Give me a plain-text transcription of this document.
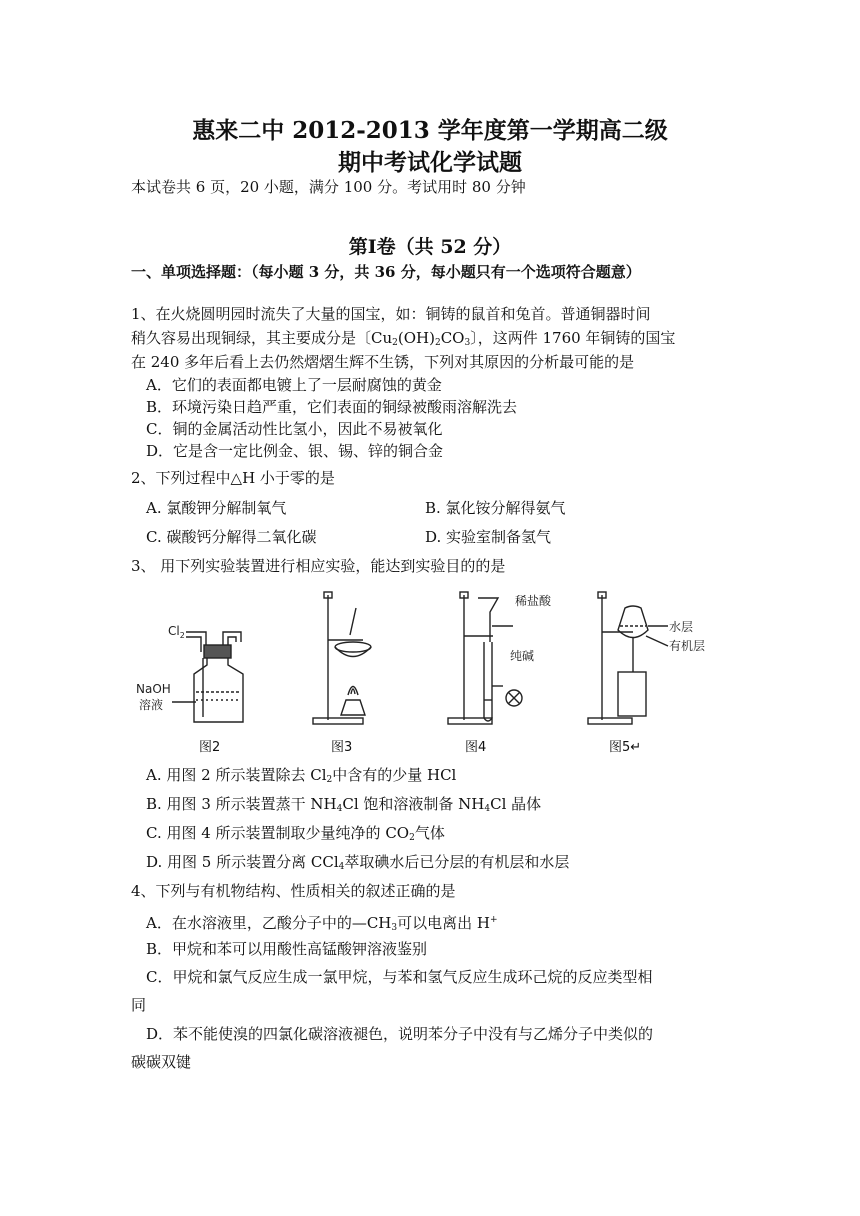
惠来二中 2012-2013 学年度第一学期高二级
期中考试化学试题
本试卷共 6 页，20 小题，满分 100 分。考试用时 80 分钟
第Ⅰ卷（共 52 分）
一、单项选择题：（每小题 3 分，共 36 分，每小题只有一个选项符合题意）
1、在火烧圆明园时流失了大量的国宝，如：铜铸的鼠首和兔首。普通铜器时间
稍久容易出现铜绿，其主要成分是〔$Cu_2(OH)_2CO_3$〕，这两件 1760 年铜铸的国宝
在 240 多年后看上去仍然熠熠生辉不生锈，下列对其原因的分析最可能的是
A．它们的表面都电镀上了一层耐腐蚀的黄金
B．环境污染日趋严重，它们表面的铜绿被酸雨溶解洗去
C．铜的金属活动性比氢小，因此不易被氧化
D．它是含一定比例金、银、锡、锌的铜合金
2、下列过程中△H 小于零的是
A. 氯酸钾分解制氧气	B. 氯化铵分解得氨气
C. 碳酸钙分解得二氧化碳	D. 实验室制备氢气
3、 用下列实验装置进行相应实验，能达到实验目的的是
$Cl_2$
NaOH
溶液
稀盐酸
纯碱
水层
有机层
图2	图3	图4	图5↵
A. 用图 2 所示装置除去 $Cl_2$中含有的少量 HCl
B. 用图 3 所示装置蒸干 $NH_4Cl$ 饱和溶液制备 $NH_4Cl$ 晶体
C. 用图 4 所示装置制取少量纯净的 $CO_2$气体
D. 用图 5 所示装置分离 CCl$_4$萃取碘水后已分层的有机层和水层
4、下列与有机物结构、性质相关的叙述正确的是
A．在水溶液里，乙酸分子中的$—CH_3$可以电离出 H+
B．甲烷和苯可以用酸性高锰酸钾溶液鉴别
C．甲烷和氯气反应生成一氯甲烷，与苯和氢气反应生成环己烷的反应类型相
同
D．苯不能使溴的四氯化碳溶液褪色，说明苯分子中没有与乙烯分子中类似的
碳碳双键
